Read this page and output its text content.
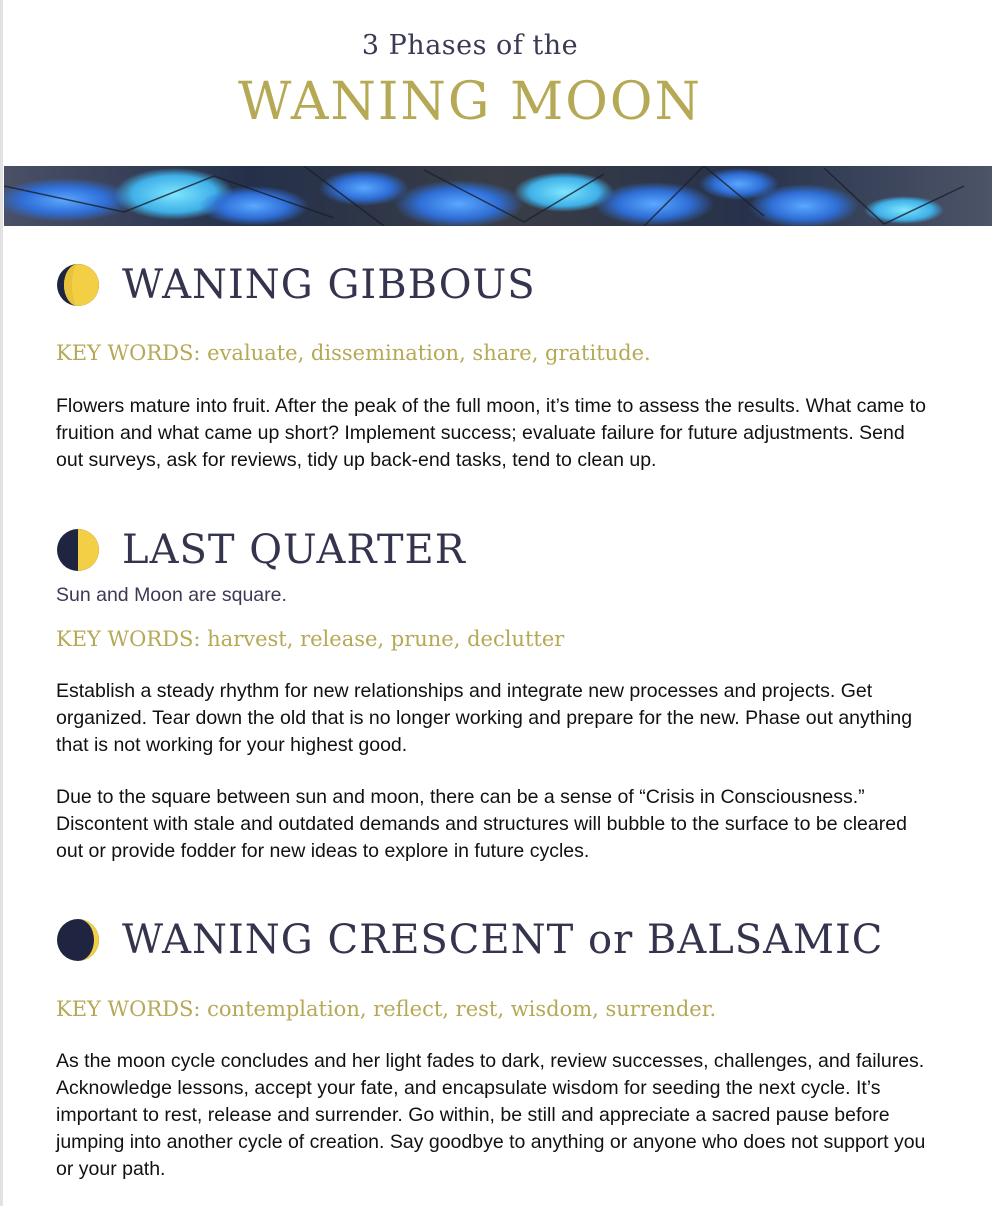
3 Phases of the
WANING MOON
WANING GIBBOUS
KEY WORDS: evaluate, dissemination, share, gratitude.

Flowers mature into fruit. After the peak of the full moon, it’s time to assess the results. What came to fruition and what came up short? Implement success; evaluate failure for future adjustments. Send out surveys, ask for reviews, tidy up back-end tasks, tend to clean up.

LAST QUARTER
Sun and Moon are square.
KEY WORDS: harvest, release, prune, declutter

Establish a steady rhythm for new relationships and integrate new processes and projects. Get organized. Tear down the old that is no longer working and prepare for the new. Phase out anything that is not working for your highest good.

Due to the square between sun and moon, there can be a sense of “Crisis in Consciousness.” Discontent with stale and outdated demands and structures will bubble to the surface to be cleared out or provide fodder for new ideas to explore in future cycles.

WANING CRESCENT or BALSAMIC
KEY WORDS: contemplation, reflect, rest, wisdom, surrender.

As the moon cycle concludes and her light fades to dark, review successes, challenges, and failures. Acknowledge lessons, accept your fate, and encapsulate wisdom for seeding the next cycle. It’s important to rest, release and surrender. Go within, be still and appreciate a sacred pause before jumping into another cycle of creation. Say goodbye to anything or anyone who does not support you or your path.
